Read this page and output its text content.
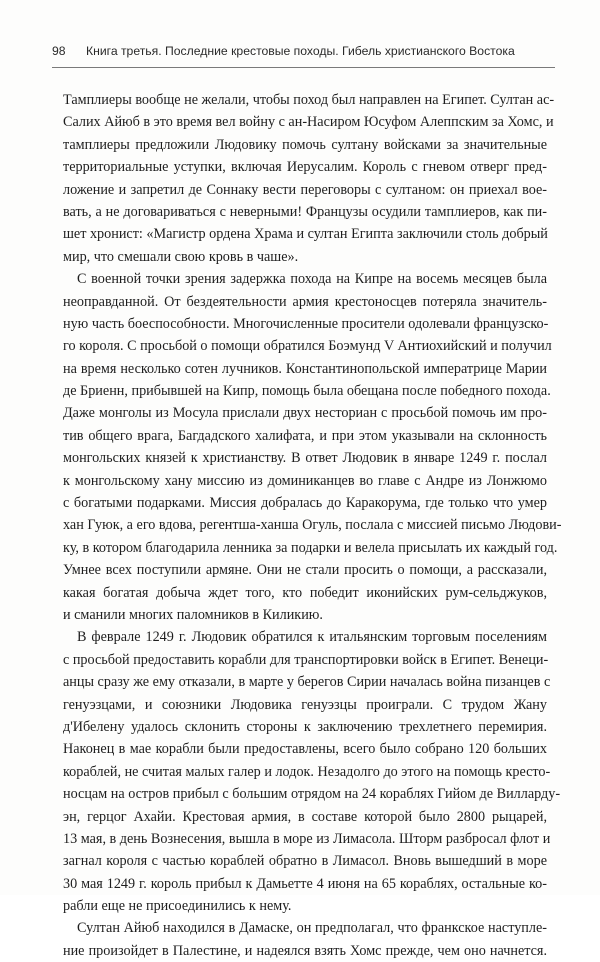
98 Книга третья. Последние крестовые походы. Гибель христианского Востока
Тамплиеры вообще не желали, чтобы поход был направлен на Египет. Султан ас-
Салих Айюб в это время вел войну с ан-Насиром Юсуфом Алеппским за Хомс, и
тамплиеры предложили Людовику помочь султану войсками за значительные
территориальные уступки, включая Иерусалим. Король с гневом отверг пред-
ложение и запретил де Соннаку вести переговоры с султаном: он приехал вое-
вать, а не договариваться с неверными! Французы осудили тамплиеров, как пи-
шет хронист: «Магистр ордена Храма и султан Египта заключили столь добрый
мир, что смешали свою кровь в чаше».
С военной точки зрения задержка похода на Кипре на восемь месяцев была
неоправданной. От бездеятельности армия крестоносцев потеряла значитель-
ную часть боеспособности. Многочисленные просители одолевали французско-
го короля. С просьбой о помощи обратился Боэмунд V Антиохийский и получил
на время несколько сотен лучников. Константинопольской императрице Марии
де Бриенн, прибывшей на Кипр, помощь была обещана после победного похода.
Даже монголы из Мосула прислали двух несториан с просьбой помочь им про-
тив общего врага, Багдадского халифата, и при этом указывали на склонность
монгольских князей к христианству. В ответ Людовик в январе 1249 г. послал
к монгольскому хану миссию из доминиканцев во главе с Андре из Лонжюмо
с богатыми подарками. Миссия добралась до Каракорума, где только что умер
хан Гуюк, а его вдова, регентша-ханша Огуль, послала с миссией письмо Людови-
ку, в котором благодарила ленника за подарки и велела присылать их каждый год.
Умнее всех поступили армяне. Они не стали просить о помощи, а рассказали,
какая богатая добыча ждет того, кто победит иконийских рум-сельджуков,
и сманили многих паломников в Киликию.
В феврале 1249 г. Людовик обратился к итальянским торговым поселениям
с просьбой предоставить корабли для транспортировки войск в Египет. Венеци-
анцы сразу же ему отказали, в марте у берегов Сирии началась война пизанцев с
генуэзцами, и союзники Людовика генуэзцы проиграли. С трудом Жану
д'Ибелену удалось склонить стороны к заключению трехлетнего перемирия.
Наконец в мае корабли были предоставлены, всего было собрано 120 больших
кораблей, не считая малых галер и лодок. Незадолго до этого на помощь кресто-
носцам на остров прибыл с большим отрядом на 24 кораблях Гийом де Вилларду-
эн, герцог Ахайи. Крестовая армия, в составе которой было 2800 рыцарей,
13 мая, в день Вознесения, вышла в море из Лимасола. Шторм разбросал флот и
загнал короля с частью кораблей обратно в Лимасол. Вновь вышедший в море
30 мая 1249 г. король прибыл к Дамьетте 4 июня на 65 кораблях, остальные ко-
рабли еще не присоединились к нему.
Султан Айюб находился в Дамаске, он предполагал, что франкское наступле-
ние произойдет в Палестине, и надеялся взять Хомс прежде, чем оно начнется.
